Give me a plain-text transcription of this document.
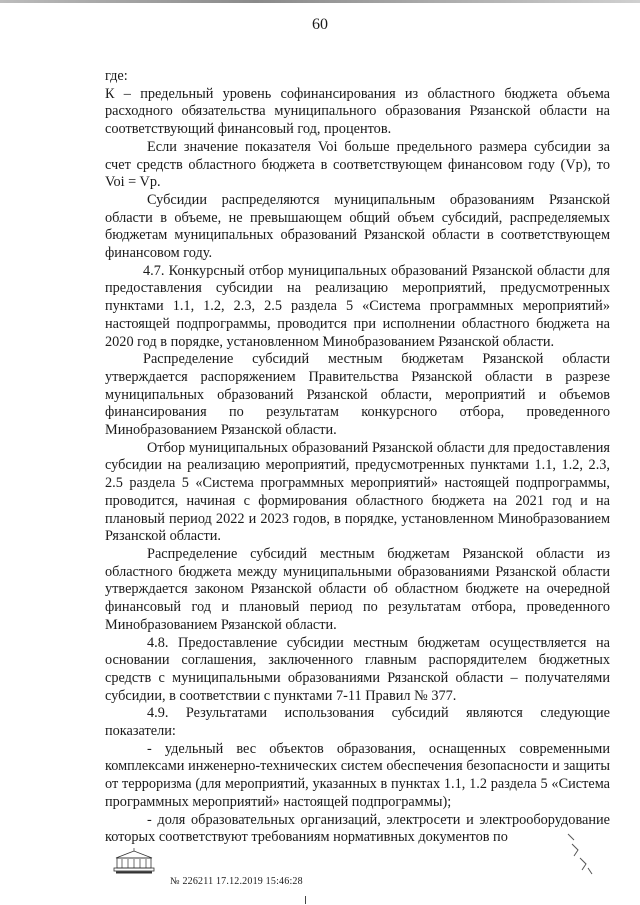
60

где:

К – предельный уровень софинансирования из областного бюджета объема расходного обязательства муниципального образования Рязанской области на соответствующий финансовый год, процентов.

Если значение показателя Voi больше предельного размера субсидии за счет средств областного бюджета в соответствующем финансовом году (Vp), то Voi = Vp.

Субсидии распределяются муниципальным образованиям Рязанской области в объеме, не превышающем общий объем субсидий, распределяемых бюджетам муниципальных образований Рязанской области в соответствующем финансовом году.

4.7. Конкурсный отбор муниципальных образований Рязанской области для предоставления субсидии на реализацию мероприятий, предусмотренных пунктами 1.1, 1.2, 2.3, 2.5 раздела 5 «Система программных мероприятий» настоящей подпрограммы, проводится при исполнении областного бюджета на 2020 год в порядке, установленном Минобразованием Рязанской области.

Распределение субсидий местным бюджетам Рязанской области утверждается распоряжением Правительства Рязанской области в разрезе муниципальных образований Рязанской области, мероприятий и объемов финансирования по результатам конкурсного отбора, проведенного Минобразованием Рязанской области.

Отбор муниципальных образований Рязанской области для предоставления субсидии на реализацию мероприятий, предусмотренных пунктами 1.1, 1.2, 2.3, 2.5 раздела 5 «Система программных мероприятий» настоящей подпрограммы, проводится, начиная с формирования областного бюджета на 2021 год и на плановый период 2022 и 2023 годов, в порядке, установленном Минобразованием Рязанской области.

Распределение субсидий местным бюджетам Рязанской области из областного бюджета между муниципальными образованиями Рязанской области утверждается законом Рязанской области об областном бюджете на очередной финансовый год и плановый период по результатам отбора, проведенного Минобразованием Рязанской области.

4.8. Предоставление субсидии местным бюджетам осуществляется на основании соглашения, заключенного главным распорядителем бюджетных средств с муниципальными образованиями Рязанской области – получателями субсидии, в соответствии с пунктами 7-11 Правил № 377.

4.9. Результатами использования субсидий являются следующие показатели:

- удельный вес объектов образования, оснащенных современными комплексами инженерно-технических систем обеспечения безопасности и защиты от терроризма (для мероприятий, указанных в пунктах 1.1, 1.2 раздела 5 «Система программных мероприятий» настоящей подпрограммы);

- доля образовательных организаций, электросети и электрооборудование которых соответствуют требованиям нормативных документов по

№ 226211 17.12.2019 15:46:28
